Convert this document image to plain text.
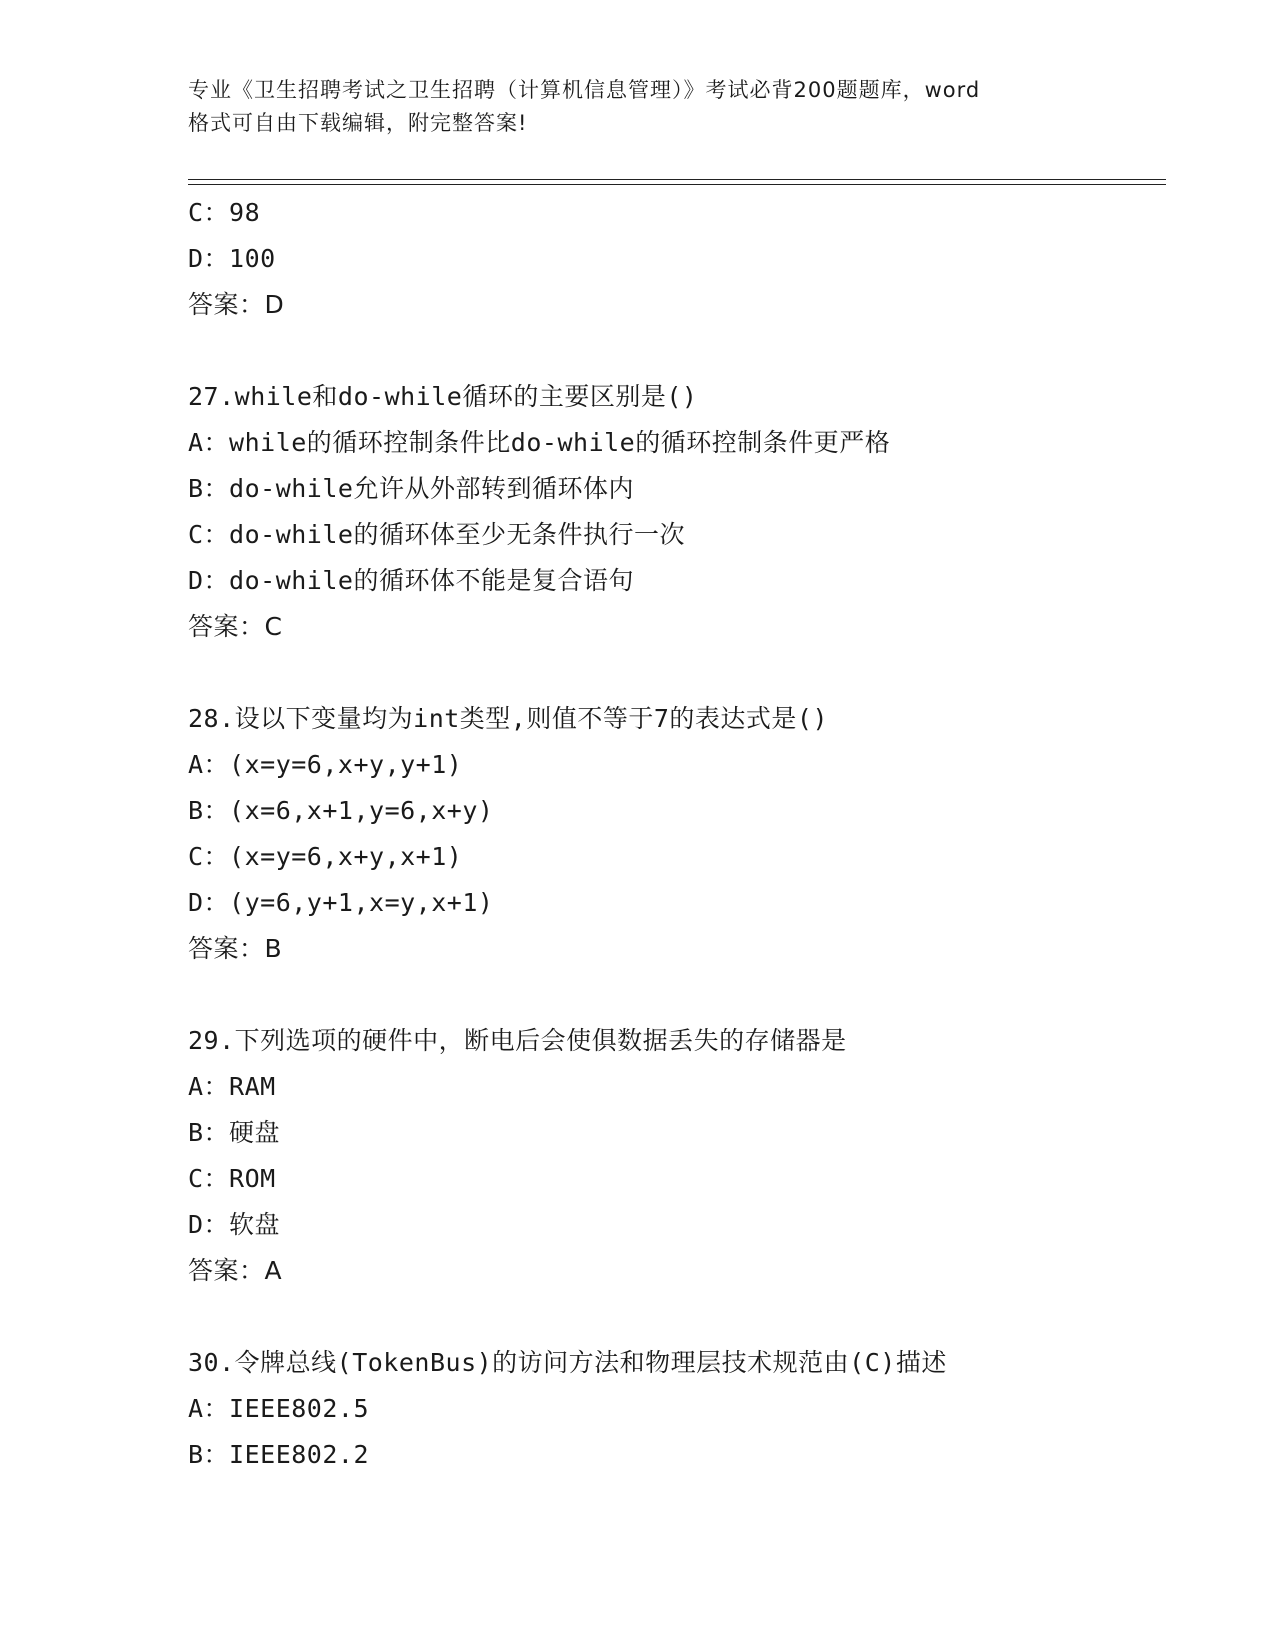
专业《卫生招聘考试之卫生招聘（计算机信息管理）》考试必背200题题库，word
格式可自由下载编辑，附完整答案!
C：98
D：100
答案：D
27.while和do-while循环的主要区别是()
A：while的循环控制条件比do-while的循环控制条件更严格
B：do-while允许从外部转到循环体内
C：do-while的循环体至少无条件执行一次
D：do-while的循环体不能是复合语句
答案：C
28.设以下变量均为int类型,则值不等于7的表达式是()
A：(x=y=6,x+y,y+1)
B：(x=6,x+1,y=6,x+y)
C：(x=y=6,x+y,x+1)
D：(y=6,y+1,x=y,x+1)
答案：B
29.下列选项的硬件中，断电后会使俱数据丢失的存储器是
A：RAM
B：硬盘
C：ROM
D：软盘
答案：A
30.令牌总线(TokenBus)的访问方法和物理层技术规范由(C)描述
A：IEEE802.5
B：IEEE802.2
